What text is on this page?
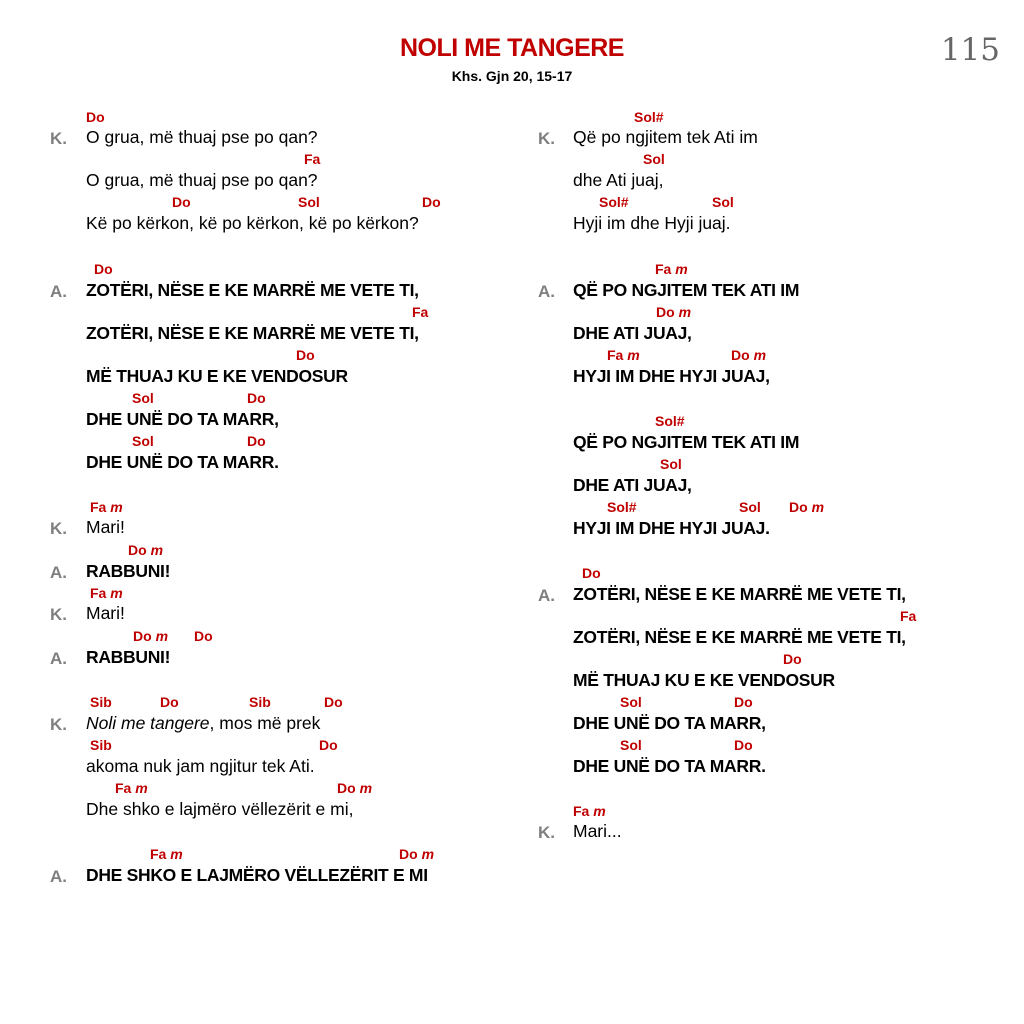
NOLI ME TANGERE
Khs. Gjn 20, 15-17
115
Do
K. O grua, më thuaj pse po qan?
Fa
O grua, më thuaj pse po qan?
Do	Sol	Do
Kë po kërkon, kë po kërkon, kë po kërkon?
Do
A. ZOTËRI, NËSE E KE MARRË ME VETE TI,
Fa
ZOTËRI, NËSE E KE MARRË ME VETE TI,
Do
MË THUAJ KU E KE VENDOSUR
Sol	Do
DHE UNË DO TA MARR,
Sol	Do
DHE UNË DO TA MARR.
Fa m
K. Mari!
Do m
A. RABBUNI!
Fa m
K. Mari!
Do m Do
A. RABBUNI!
Sib	Do	Sib	Do
K. Noli me tangere, mos më prek
Sib	Do
akoma nuk jam ngjitur tek Ati.
Fa m	Do m
Dhe shko e lajmëro vëllezërit e mi,
Fa m	Do m
A. DHE SHKO E LAJMËRO VËLLEZËRIT E MI
Sol#
K. Që po ngjitem tek Ati im
Sol
dhe Ati juaj,
Sol#	Sol
Hyji im dhe Hyji juaj.
Fa m
A. QË PO NGJITEM TEK ATI IM
Do m
DHE ATI JUAJ,
Fa m	Do m
HYJI IM DHE HYJI JUAJ,
Sol#
QË PO NGJITEM TEK ATI IM
Sol
DHE ATI JUAJ,
Sol#	Sol Do m
HYJI IM DHE HYJI JUAJ.
Do
A. ZOTËRI, NËSE E KE MARRË ME VETE TI,
Fa
ZOTËRI, NËSE E KE MARRË ME VETE TI,
Do
MË THUAJ KU E KE VENDOSUR
Sol	Do
DHE UNË DO TA MARR,
Sol	Do
DHE UNË DO TA MARR.
Fa m
K. Mari...
